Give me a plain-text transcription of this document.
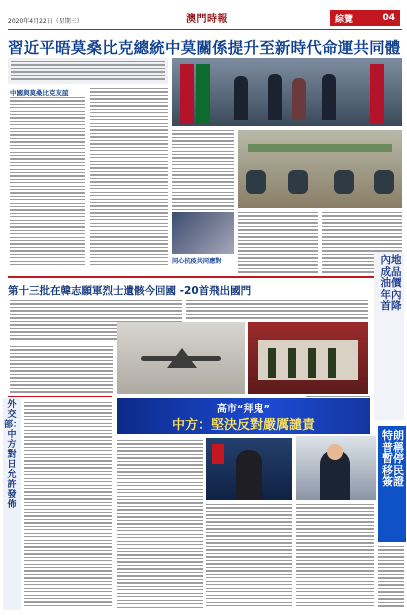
2020年4月22日（星期三）	澳門時報	綜覽	04
習近平晤莫桑比克總統中莫關係提升至新時代命運共同體
中國與莫桑比克友誼
同心抗疫共同應對
第十三批在韓志願軍烈士遺骸今回國 -20首飛出國門
內地成品油價年內首降
外交部：中方對日允許發佈
高市“拜鬼”
中方：堅決反對嚴厲譴責
特朗普稱暫停移民簽證
